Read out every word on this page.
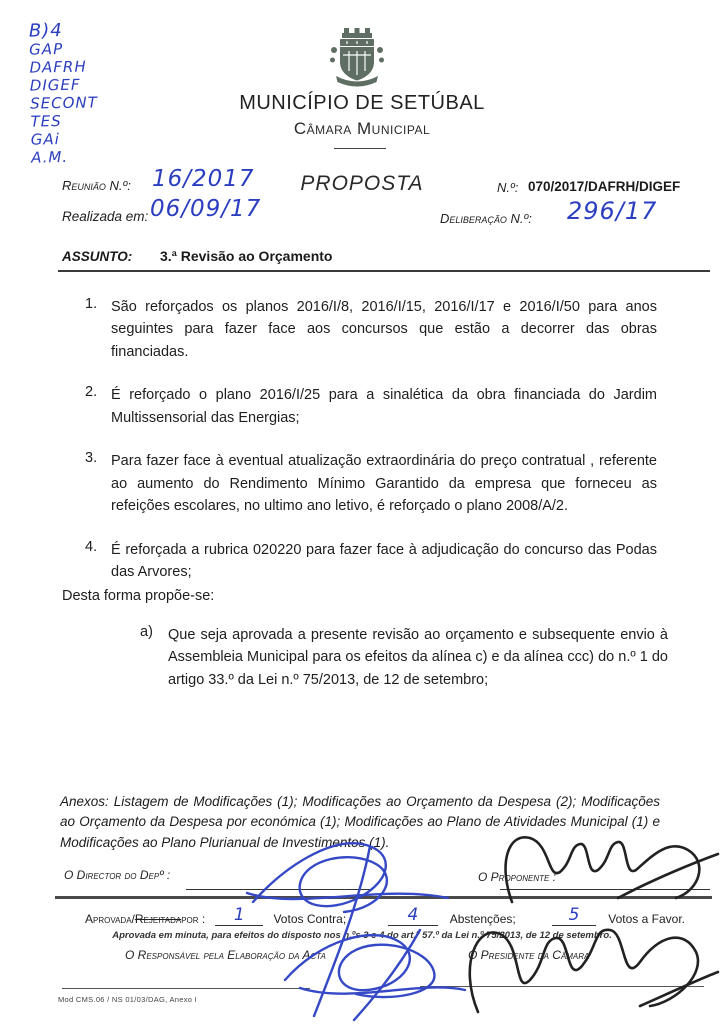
B)4
GAP
DAFRH
DIGEF
SECONT
TES
GAi
A.M.
MUNICÍPIO DE SETÚBAL
Câmara Municipal
Reunião N.º: 16/2017	PROPOSTA	N.º: 070/2017/DAFRH/DIGEF
Realizada em: 06/09/17	Deliberação N.º: 296/17
ASSUNTO: 3.ª Revisão ao Orçamento
1. São reforçados os planos 2016/I/8, 2016/I/15, 2016/I/17 e 2016/I/50 para anos seguintes para fazer face aos concursos que estão a decorrer das obras financiadas.
2. É reforçado o plano 2016/I/25 para a sinalética da obra financiada do Jardim Multissensorial das Energias;
3. Para fazer face à eventual atualização extraordinária do preço contratual , referente ao aumento do Rendimento Mínimo Garantido da empresa que forneceu as refeições escolares, no ultimo ano letivo, é reforçado o plano 2008/A/2.
4. É reforçada a rubrica 020220 para fazer face à adjudicação do concurso das Podas das Arvores;
Desta forma propõe-se:
a)	Que seja aprovada a presente revisão ao orçamento e subsequente envio à Assembleia Municipal para os efeitos da alínea c) e da alínea ccc) do n.º 1 do artigo 33.º da Lei n.º 75/2013, de 12 de setembro;
Anexos: Listagem de Modificações (1); Modificações ao Orçamento da Despesa (2); Modificações ao Orçamento da Despesa por económica (1); Modificações ao Plano de Atividades Municipal (1) e Modificações ao Plano Plurianual de Investimentos (1).
O Director do Depº :	O Proponente :
Aprovada / Rejeitada por :	1	Votos Contra;	4	Abstenções;	5	Votos a Favor.
Aprovada em minuta, para efeitos do disposto nos n.ºs 3 e 4 do art.º 57.º da Lei n.º 75/2013, de 12 de setembro.
O Responsável pela Elaboração da Acta	O Presidente da Câmara
Mod CMS.06 / NS 01/03/DAG, Anexo I
